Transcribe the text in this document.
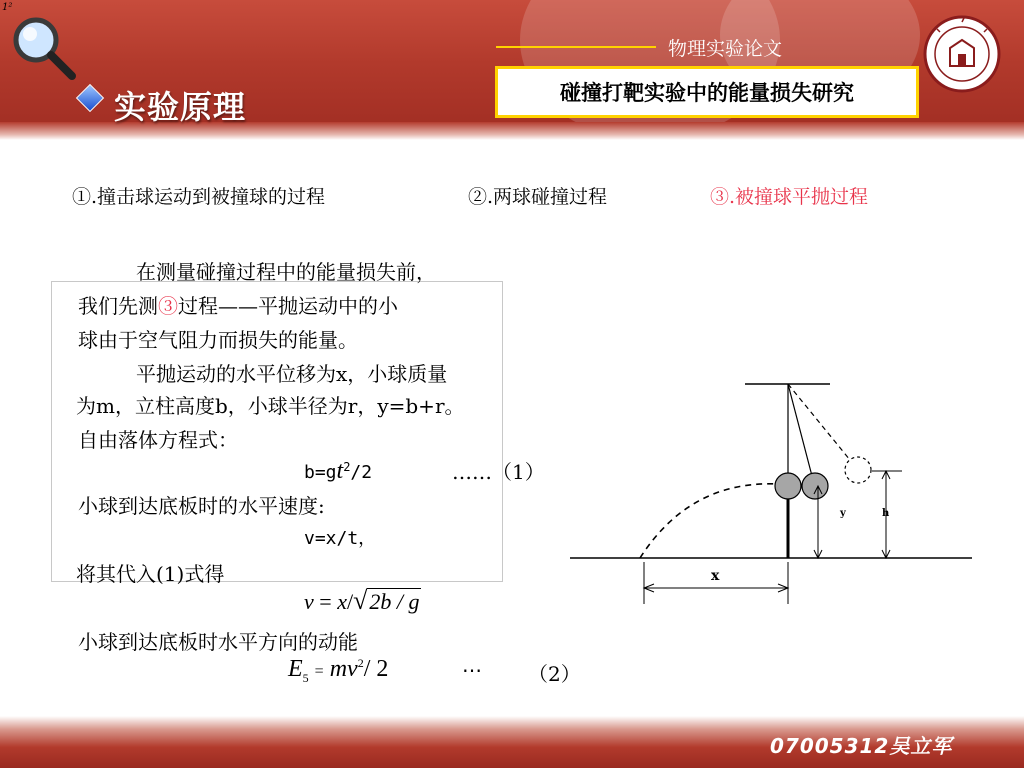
1²
实验原理
物理实验论文
碰撞打靶实验中的能量损失研究
①.撞击球运动到被撞球的过程	②.两球碰撞过程	③.被撞球平抛过程
在测量碰撞过程中的能量损失前，
我们先测③过程——平抛运动中的小
球由于空气阻力而损失的能量。
平抛运动的水平位移为x，小球质量
为m，立柱高度b，小球半径为r，y=b+r。
自由落体方程式：
$b=gt^2/2$	……（1）
小球到达底板时的水平速度:
v=x/t，
将其代入(1)式得
v = x/√2b / g
小球到达底板时水平方向的动能
$E_5 = mv^2/$ 2	⋯ （2）
y	h
x
07005312吴立军
